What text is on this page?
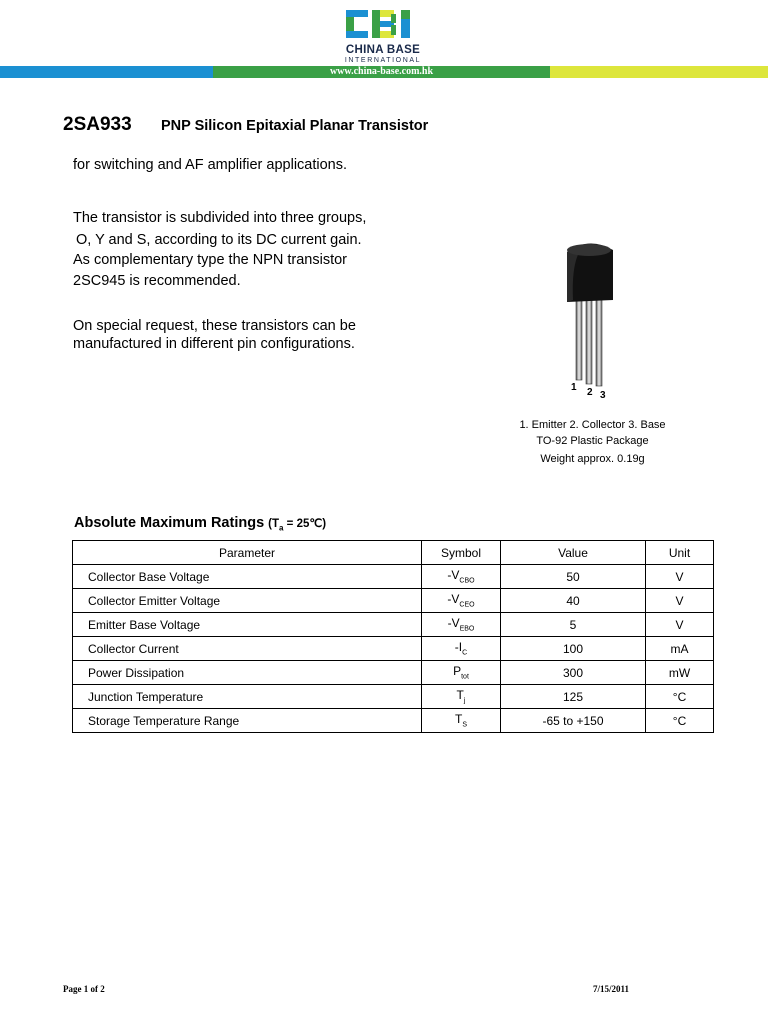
CHINA BASE
INTERNATIONAL
www.china-base.com.hk
2SA933 PNP Silicon Epitaxial Planar Transistor
for switching and AF amplifier applications.
The transistor is subdivided into three groups,
O, Y and S, according to its DC current gain.
As complementary type the NPN transistor
2SC945 is recommended.
On special request, these transistors can be
manufactured in different pin configurations.
1 2 3
1. Emitter 2. Collector 3. Base
TO-92 Plastic Package
Weight approx. 0.19g
Absolute Maximum Ratings ($T_a$ = 25℃)
Parameter	Symbol	Value	Unit
Collector Base Voltage	$-V_{CBO}$	50	V
Collector Emitter Voltage	$-V_{CEO}$	40	V
Emitter Base Voltage	$-V_{EBO}$	5	V
Collector Current	$-I_C$	100	mA
Power Dissipation	$P_{tot}$	300	mW
Junction Temperature	$T_j$	125	°C
Storage Temperature Range	$T_S$	-65 to +150	°C
Page 1 of 2	7/15/2011
